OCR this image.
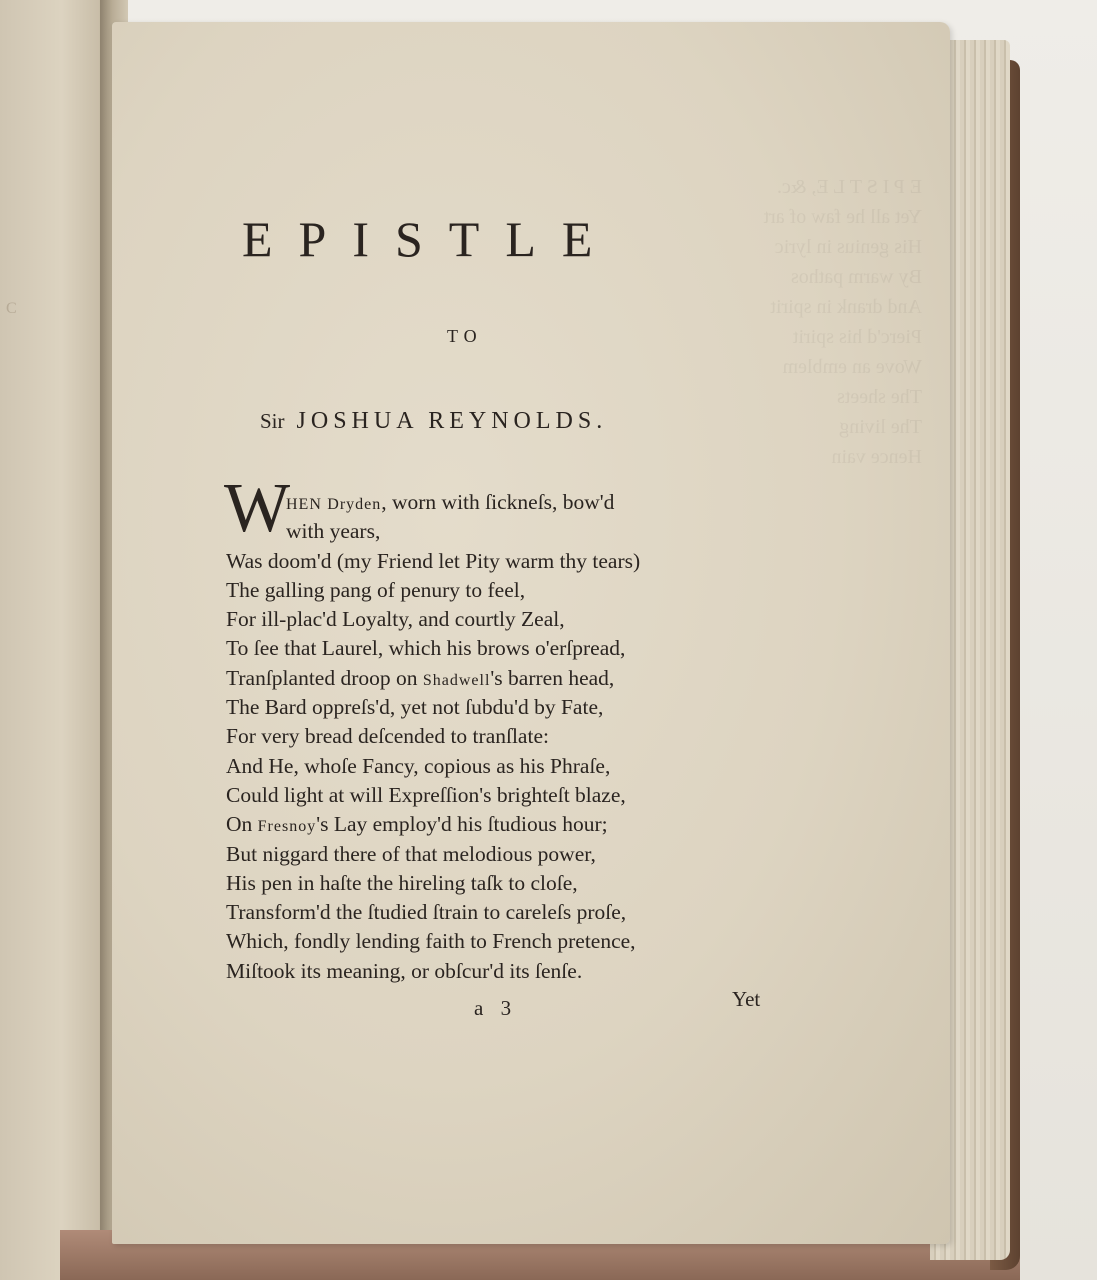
C
E P I S T L E, &c.
Yet all he faw of art
His genius in lyric
By warm pathos
And drank in spirit
Pierc'd his spirit
Wove an emblem
The sheets
The living
Hence vain
EPISTLE
TO
Sir JOSHUA REYNOLDS.
W
HEN Dryden, worn with ſickneſs, bow'd
with years,
Was doom'd (my Friend let Pity warm thy tears)
The galling pang of penury to feel,
For ill-plac'd Loyalty, and courtly Zeal,
To ſee that Laurel, which his brows o'erſpread,
Tranſplanted droop on Shadwell's barren head,
The Bard oppreſs'd, yet not ſubdu'd by Fate,
For very bread deſcended to tranſlate:
And He, whoſe Fancy, copious as his Phraſe,
Could light at will Expreſſion's brighteſt blaze,
On Fresnoy's Lay employ'd his ſtudious hour;
But niggard there of that melodious power,
His pen in haſte the hireling taſk to cloſe,
Transform'd the ſtudied ſtrain to careleſs proſe,
Which, fondly lending faith to French pretence,
Miſtook its meaning, or obſcur'd its ſenſe.
a 3	Yet
